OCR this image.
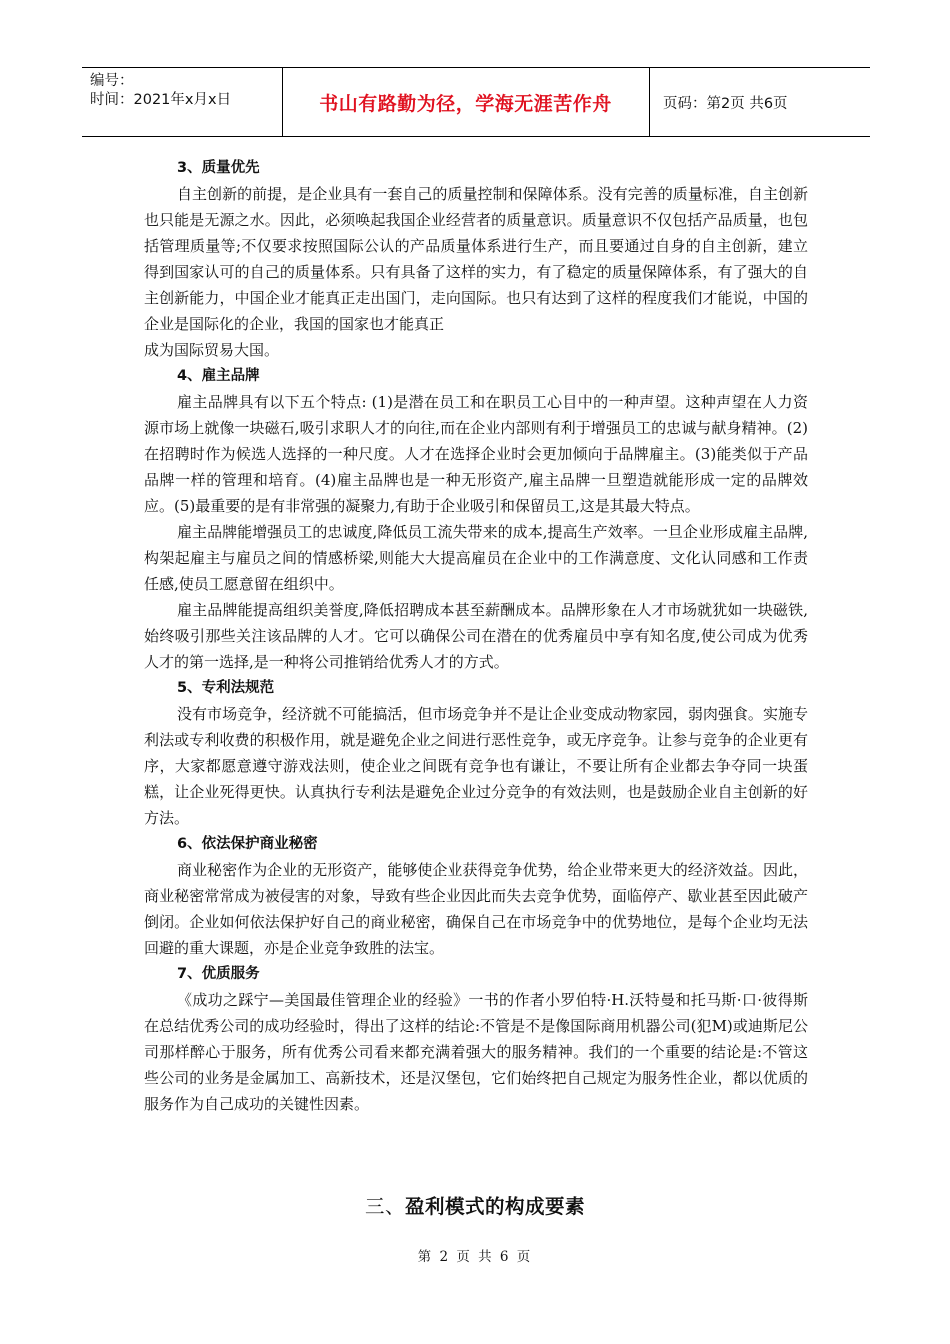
编号：
时间：2021年x月x日	书山有路勤为径，学海无涯苦作舟	页码：第2页 共6页

3、质量优先

自主创新的前提，是企业具有一套自己的质量控制和保障体系。没有完善的质量标准，自主创新也只能是无源之水。因此，必须唤起我国企业经营者的质量意识。质量意识不仅包括产品质量，也包括管理质量等;不仅要求按照国际公认的产品质量体系进行生产，而且要通过自身的自主创新，建立得到国家认可的自己的质量体系。只有具备了这样的实力，有了稳定的质量保障体系，有了强大的自主创新能力，中国企业才能真正走出国门，走向国际。也只有达到了这样的程度我们才能说，中国的企业是国际化的企业，我国的国家也才能真正

成为国际贸易大国。

4、雇主品牌

雇主品牌具有以下五个特点: (1)是潜在员工和在职员工心目中的一种声望。这种声望在人力资源市场上就像一块磁石,吸引求职人才的向往,而在企业内部则有利于增强员工的忠诚与献身精神。(2)在招聘时作为候选人选择的一种尺度。人才在选择企业时会更加倾向于品牌雇主。(3)能类似于产品品牌一样的管理和培育。(4)雇主品牌也是一种无形资产,雇主品牌一旦塑造就能形成一定的品牌效应。(5)最重要的是有非常强的凝聚力,有助于企业吸引和保留员工,这是其最大特点。

雇主品牌能增强员工的忠诚度,降低员工流失带来的成本,提高生产效率。一旦企业形成雇主品牌,构架起雇主与雇员之间的情感桥梁,则能大大提高雇员在企业中的工作满意度、文化认同感和工作责任感,使员工愿意留在组织中。

雇主品牌能提高组织美誉度,降低招聘成本甚至薪酬成本。品牌形象在人才市场就犹如一块磁铁,始终吸引那些关注该品牌的人才。它可以确保公司在潜在的优秀雇员中享有知名度,使公司成为优秀人才的第一选择,是一种将公司推销给优秀人才的方式。

5、专利法规范

没有市场竞争，经济就不可能搞活，但市场竞争并不是让企业变成动物家园，弱肉强食。实施专利法或专利收费的积极作用，就是避免企业之间进行恶性竞争，或无序竞争。让参与竞争的企业更有序，大家都愿意遵守游戏法则，使企业之间既有竞争也有谦让，不要让所有企业都去争夺同一块蛋糕，让企业死得更快。认真执行专利法是避免企业过分竞争的有效法则，也是鼓励企业自主创新的好方法。

6、依法保护商业秘密

商业秘密作为企业的无形资产，能够使企业获得竞争优势，给企业带来更大的经济效益。因此，商业秘密常常成为被侵害的对象，导致有些企业因此而失去竞争优势，面临停产、歇业甚至因此破产倒闭。企业如何依法保护好自己的商业秘密，确保自己在市场竞争中的优势地位，是每个企业均无法回避的重大课题，亦是企业竞争致胜的法宝。

7、优质服务

《成功之踩宁—美国最佳管理企业的经验》一书的作者小罗伯特·H.沃特曼和托马斯·口·彼得斯在总结优秀公司的成功经验时，得出了这样的结论:不管是不是像国际商用机器公司(犯M)或迪斯尼公司那样醉心于服务，所有优秀公司看来都充满着强大的服务精神。我们的一个重要的结论是:不管这些公司的业务是金属加工、高新技术，还是汉堡包，它们始终把自己规定为服务性企业，都以优质的服务作为自己成功的关键性因素。

三、盈利模式的构成要素
第 2 页 共 6 页
